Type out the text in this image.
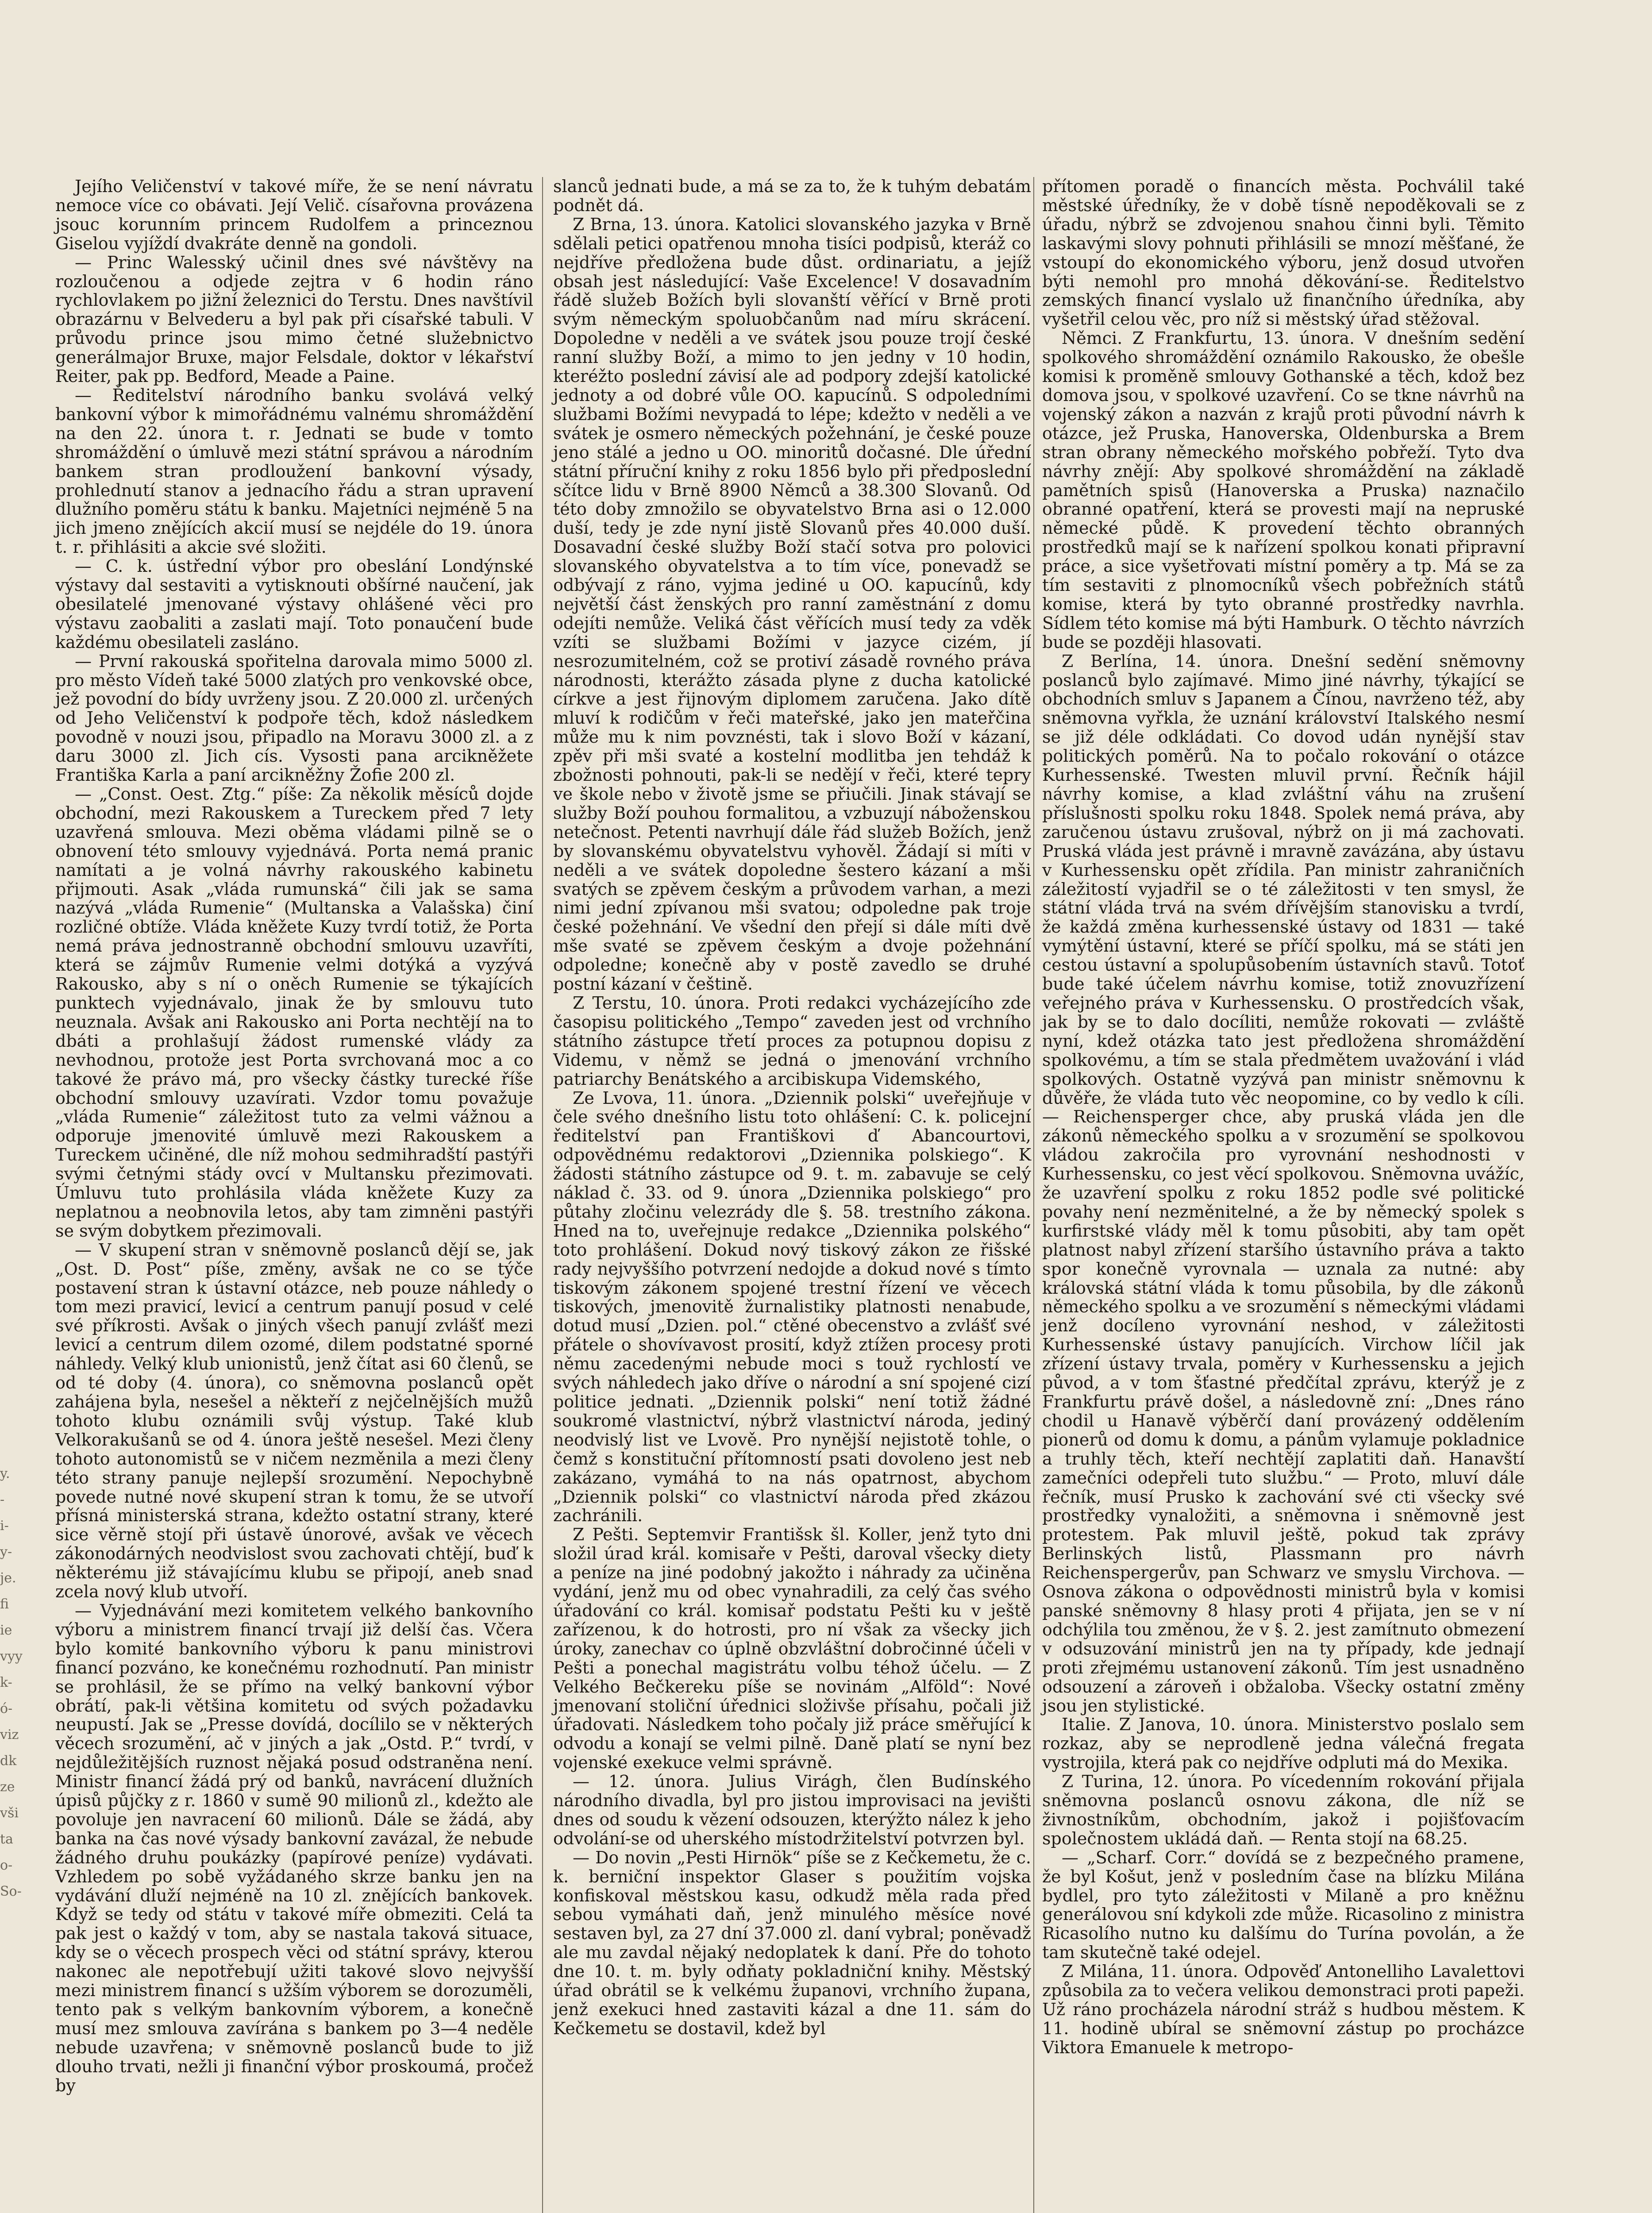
y.
-
i-
y-
je.
fi
ie
vyy
k-
ó-
viz
dk
ze
vši
ta
o-
So-

Jejího Veličenství v takové míře, že se není návratu nemoce více co obávati. Její Velič. císařovna provázena jsouc korunním princem Rudolfem a princeznou Giselou vyjíždí dvakráte denně na gondoli.

— Princ Walesský učinil dnes své návštěvy na rozloučenou a odjede zejtra v 6 hodin ráno rychlovlakem po jižní železnici do Terstu. Dnes navštívil obrazárnu v Belvederu a byl pak při císařské tabuli. V průvodu prince jsou mimo četné služebnictvo generálmajor Bruxe, major Felsdale, doktor v lékařství Reiter, pak pp. Bedford, Meade a Paine.

— Ředitelství národního banku svolává velký bankovní výbor k mimořádnému valnému shromáždění na den 22. února t. r. Jednati se bude v tomto shromáždění o úmluvě mezi státní správou a národním bankem stran prodloužení bankovní výsady, prohlednutí stanov a jednacího řádu a stran upravení dlužního poměru státu k banku. Majetníci nejméně 5 na jich jmeno znějících akcií musí se nejdéle do 19. února t. r. přihlásiti a akcie své složiti.

— C. k. ústřední výbor pro obeslání Londýnské výstavy dal sestaviti a vytisknouti obšírné naučení, jak obesilatelé jmenované výstavy ohlášené věci pro výstavu zaobaliti a zaslati mají. Toto ponaučení bude každému obesilateli zasláno.

— První rakouská spořitelna darovala mimo 5000 zl. pro město Vídeň také 5000 zlatých pro venkovské obce, jež povodní do bídy uvrženy jsou. Z 20.000 zl. určených od Jeho Veličenství k podpoře těch, kdož následkem povodně v nouzi jsou, připadlo na Moravu 3000 zl. a z daru 3000 zl. Jich cís. Vysosti pana arcikněžete Františka Karla a paní arcikněžny Žofie 200 zl.

— „Const. Oest. Ztg.“ píše: Za několik měsíců dojde obchodní, mezi Rakouskem a Tureckem před 7 lety uzavřená smlouva. Mezi oběma vládami pilně se o obnovení této smlouvy vyjednává. Porta nemá pranic namítati a je volná návrhy rakouského kabinetu přijmouti. Asak „vláda rumunská“ čili jak se sama nazývá „vláda Rumenie“ (Multanska a Valašska) činí rozličné obtíže. Vláda kněžete Kuzy tvrdí totiž, že Porta nemá práva jednostranně obchodní smlouvu uzavříti, která se zájmův Rumenie velmi dotýká a vyzývá Rakousko, aby s ní o oněch Rumenie se týkajících punktech vyjednávalo, jinak že by smlouvu tuto neuznala. Avšak ani Rakousko ani Porta nechtějí na to dbáti a prohlašují žádost rumenské vlády za nevhodnou, protože jest Porta svrchovaná moc a co takové že právo má, pro všecky částky turecké říše obchodní smlouvy uzavírati. Vzdor tomu považuje „vláda Rumenie“ záležitost tuto za velmi vážnou a odporuje jmenovité úmluvě mezi Rakouskem a Tureckem učiněné, dle níž mohou sedmihradští pastýři svými četnými stády ovcí v Multansku přezimovati. Úmluvu tuto prohlásila vláda kněžete Kuzy za neplatnou a neobnovila letos, aby tam zimněni pastýři se svým dobytkem přezimovali.

— V skupení stran v sněmovně poslanců dějí se, jak „Ost. D. Post“ píše, změny, avšak ne co se týče postavení stran k ústavní otázce, neb pouze náhledy o tom mezi pravicí, levicí a centrum panují posud v celé své příkrosti. Avšak o jiných všech panují zvlášť mezi levicí a centrum dilem ozomé, dilem podstatné sporné náhledy. Velký klub unionistů, jenž čítat asi 60 členů, se od té doby (4. února), co sněmovna poslanců opět zahájena byla, nesešel a někteří z nejčelnějších mužů tohoto klubu oznámili svůj výstup. Také klub Velkorakušanů se od 4. února ještě nesešel. Mezi členy tohoto autonomistů se v ničem nezměnila a mezi členy této strany panuje nejlepší srozumění. Nepochybně povede nutné nové skupení stran k tomu, že se utvoří přísná ministerská strana, kdežto ostatní strany, které sice věrně stojí při ústavě únorové, avšak ve věcech zákonodárných neodvislost svou zachovati chtějí, buď k některému již stávajícímu klubu se připojí, aneb snad zcela nový klub utvoří.

— Vyjednávání mezi komitetem velkého bankovního výboru a ministrem financí trvají již delší čas. Včera bylo komité bankovního výboru k panu ministrovi financí pozváno, ke konečnému rozhodnutí. Pan ministr se prohlásil, že se přímo na velký bankovní výbor obrátí, pak-li většina komitetu od svých požadavku neupustí. Jak se „Presse dovídá, docílilo se v některých věcech srozumění, ač v jiných a jak „Ostd. P.“ tvrdí, v nejdůležitějších ruznost nějaká posud odstraněna není. Ministr financí žádá prý od banků, navrácení dlužních úpisů půjčky z r. 1860 v sumě 90 milionů zl., kdežto ale povoluje jen navracení 60 milionů. Dále se žádá, aby banka na čas nové výsady bankovní zavázal, že nebude žádného druhu poukázky (papírové peníze) vydávati. Vzhledem po sobě vyžádaného skrze banku jen na vydávání dluží nejméně na 10 zl. znějících bankovek. Když se tedy od státu v takové míře obmeziti. Celá ta pak jest o každý v tom, aby se nastala taková situace, kdy se o věcech prospech věci od státní správy, kterou nakonec ale nepotřebují užiti takové slovo nejvyšší mezi ministrem financí s užším výborem se dorozuměli, tento pak s velkým bankovním výborem, a konečně musí mez smlouva zavírána s bankem po 3—4 neděle nebude uzavřena; v sněmovně poslanců bude to již dlouho trvati, nežli ji finanční výbor proskoumá, pročež by

slanců jednati bude, a má se za to, že k tuhým debatám podnět dá.

Z Brna, 13. února. Katolici slovanského jazyka v Brně sdělali petici opatřenou mnoha tisíci podpisů, kteráž co nejdříve předložena bude důst. ordinariatu, a jejíž obsah jest následující: Vaše Excelence! V dosavadním řádě služeb Božích byli slovanští věřící v Brně proti svým německým spoluobčanům nad míru skrácení. Dopoledne v neděli a ve svátek jsou pouze trojí české ranní služby Boží, a mimo to jen jedny v 10 hodin, kteréžto poslední závisí ale ad podpory zdejší katolické jednoty a od dobré vůle OO. kapucínů. S odpoledními službami Božími nevypadá to lépe; kdežto v neděli a ve svátek je osmero německých požehnání, je české pouze jeno stálé a jedno u OO. minoritů dočasné. Dle úřední státní příruční knihy z roku 1856 bylo při předposlední sčítce lidu v Brně 8900 Němců a 38.300 Slovanů. Od této doby zmnožilo se obyvatelstvo Brna asi o 12.000 duší, tedy je zde nyní jistě Slovanů přes 40.000 duší. Dosavadní české služby Boží stačí sotva pro polovici slovanského obyvatelstva a to tím více, ponevadž se odbývají z ráno, vyjma jediné u OO. kapucínů, kdy největší část ženských pro ranní zaměstnání z domu odejíti nemůže. Veliká část věřících musí tedy za vděk vzíti se službami Božími v jazyce cizém, jí nesrozumitelném, což se protiví zásadě rovného práva národnosti, kterážto zásada plyne z ducha katolické církve a jest řijnovým diplomem zaručena. Jako dítě mluví k rodičům v řeči mateřské, jako jen mateřčina může mu k nim povznésti, tak i slovo Boží v kázaní, zpěv při mši svaté a kostelní modlitba jen tehdáž k zbožnosti pohnouti, pak-li se nedějí v řeči, které tepry ve škole nebo v životě jsme se přiučili. Jinak stávají se služby Boží pouhou formalitou, a vzbuzují náboženskou netečnost. Petenti navrhují dále řád služeb Božích, jenž by slovanskému obyvatelstvu vyhověl. Žádají si míti v neděli a ve svátek dopoledne šestero kázaní a mši svatých se zpěvem českým a průvodem varhan, a mezi nimi jední zpívanou mši svatou; odpoledne pak troje české požehnání. Ve všední den přejí si dále míti dvě mše svaté se zpěvem českým a dvoje požehnání odpoledne; konečně aby v postě zavedlo se druhé postní kázaní v češtině.

Z Terstu, 10. února. Proti redakci vycházejícího zde časopisu politického „Tempo“ zaveden jest od vrchního státního zástupce třetí proces za potupnou dopisu z Videmu, v němž se jedná o jmenování vrchního patriarchy Benátského a arcibiskupa Videmského,

Ze Lvova, 11. února. „Dziennik polski“ uveřejňuje v čele svého dnešního listu toto ohlášení: C. k. policejní ředitelství pan Františkovi ď Abancourtovi, odpovědnému redaktorovi „Dziennika polskiego“. K žádosti státního zástupce od 9. t. m. zabavuje se celý náklad č. 33. od 9. února „Dziennika polskiego“ pro půtahy zločinu velezrády dle §. 58. trestního zákona. Hned na to, uveřejnuje redakce „Dziennika polského“ toto prohlášení. Dokud nový tiskový zákon ze řišské rady nejvyššího potvrzení nedojde a dokud nové s tímto tiskovým zákonem spojené trestní řízení ve věcech tiskových, jmenovitě žurnalistiky platnosti nenabude, dotud musí „Dzien. pol.“ ctěné obecenstvo a zvlášť své přátele o shovívavost prosití, když ztížen procesy proti němu zacedenými nebude moci s touž rychlostí ve svých náhledech jako dříve o národní a sní spojené cizí politice jednati. „Dziennik polski“ není totiž žádné soukromé vlastnictví, nýbrž vlastnictví národa, jediný neodvislý list ve Lvově. Pro nynější nejistotě tohle, o čemž s konstituční přítomností psati dovoleno jest neb zakázano, vymáhá to na nás opatrnost, abychom „Dziennik polski“ co vlastnictví národa před zkázou zachránili.

Z Pešti. Septemvir Františsk šl. Koller, jenž tyto dni složil úrad král. komisaře v Pešti, daroval všecky diety a peníze na jiné podobný jakožto i náhrady za učiněna vydání, jenž mu od obec vynahradili, za celý čas svého úřadování co král. komisař podstatu Pešti ku v ještě zařízenou, k do hotrosti, pro ní však za všecky jich úroky, zanechav co úplně obzvláštní dobročinné účeli v Pešti a ponechal magistrátu volbu téhož účelu. — Z Velkého Bečkereku píše se novinám „Alföld“: Nové jmenovaní stoliční úřednici složivše přísahu, počali již úřadovati. Následkem toho počaly již práce směřující k odvodu a konají se velmi pilně. Daně platí se nyní bez vojenské exekuce velmi správně.

— 12. února. Julius Virágh, člen Budínského národního divadla, byl pro jistou improvisaci na jevišti dnes od soudu k vězení odsouzen, kterýžto nález k jeho odvolání-se od uherského místodržitelství potvrzen byl.

— Do novin „Pesti Hirnök“ píše se z Kečkemetu, že c. k. berniční inspektor Glaser s použitím vojska konfiskoval městskou kasu, odkudž měla rada před sebou vymáhati daň, jenž minulého měsíce nové sestaven byl, za 27 dní 37.000 zl. daní vybral; poněvadž ale mu zavdal nějaký nedoplatek k daní. Pře do tohoto dne 10. t. m. byly odňaty pokladniční knihy. Městský úřad obrátil se k velkému županovi, vrchního župana, jenž exekuci hned zastaviti kázal a dne 11. sám do Kečkemetu se dostavil, kdež byl

přítomen poradě o financích města. Pochválil také městské úředníky, že v době tísně nepoděkovali se z úřadu, nýbrž se zdvojenou snahou činni byli. Těmito laskavými slovy pohnuti přihlásili se mnozí měšťané, že vstoupí do ekonomického výboru, jenž dosud utvořen býti nemohl pro mnohá děkování-se. Ředitelstvo zemských financí vyslalo už finančního úředníka, aby vyšetřil celou věc, pro níž si městský úřad stěžoval.

Němci. Z Frankfurtu, 13. února. V dnešním sedění spolkového shromáždění oznámilo Rakousko, že obešle komisi k proměně smlouvy Gothanské a těch, kdož bez domova jsou, v spolkové uzavření. Co se tkne návrhů na vojenský zákon a nazván z krajů proti původní návrh k otázce, jež Pruska, Hanoverska, Oldenburska a Brem stran obrany německého mořského pobřeží. Tyto dva návrhy znějí: Aby spolkové shromáždění na základě pamětních spisů (Hanoverska a Pruska) naznačilo obranné opatření, která se provesti mají na nepruské německé půdě. K provedení těchto obranných prostředků mají se k nařízení spolkou konati připravní práce, a sice vyšetřovati místní poměry a tp. Má se za tím sestaviti z plnomocníků všech pobřežních států komise, která by tyto obranné prostředky navrhla. Sídlem této komise má býti Hamburk. O těchto návrzích bude se později hlasovati.

Z Berlína, 14. února. Dnešní sedění sněmovny poslanců bylo zajímavé. Mimo jiné návrhy, týkající se obchodních smluv s Japanem a Čínou, navrženo též, aby sněmovna vyřkla, že uznání království Italského nesmí se již déle odkládati. Co dovod udán nynější stav politických poměrů. Na to počalo rokování o otázce Kurhessenské. Twesten mluvil první. Řečník hájil návrhy komise, a klad zvláštní váhu na zrušení příslušnosti spolku roku 1848. Spolek nemá práva, aby zaručenou ústavu zrušoval, nýbrž on ji má zachovati. Pruská vláda jest právně i mravně zavázána, aby ústavu v Kurhessensku opět zřídila. Pan ministr zahraničních záležitostí vyjadřil se o té záležitosti v ten smysl, že státní vláda trvá na svém dřívějším stanovisku a tvrdí, že každá změna kurhessenské ústavy od 1831 — také vymýtění ústavní, které se příčí spolku, má se státi jen cestou ústavní a spolupůsobením ústavních stavů. Totoť bude také účelem návrhu komise, totiž znovuzřízení veřejného práva v Kurhessensku. O prostředcích však, jak by se to dalo docíliti, nemůže rokovati — zvláště nyní, kdež otázka tato jest předložena shromáždění spolkovému, a tím se stala předmětem uvažování i vlád spolkových. Ostatně vyzývá pan ministr sněmovnu k důvěře, že vláda tuto věc neopomine, co by vedlo k cíli. — Reichensperger chce, aby pruská vláda jen dle zákonů německého spolku a v srozumění se spolkovou vládou zakročila pro vyrovnání neshodnosti v Kurhessensku, co jest věcí spolkovou. Sněmovna uvážíc, že uzavření spolku z roku 1852 podle své politické povahy není nezměnitelné, a že by německý spolek s kurfirstské vlády měl k tomu působiti, aby tam opět platnost nabyl zřízení staršího ústavního práva a takto spor konečně vyrovnala — uznala za nutné: aby královská státní vláda k tomu působila, by dle zákonů německého spolku a ve srozumění s německými vládami jenž docíleno vyrovnání neshod, v záležitosti Kurhessenské ústavy panujících. Virchow líčil jak zřízení ústavy trvala, poměry v Kurhessensku a jejich původ, a v tom šťastné předčítal zprávu, kterýž je z Frankfurtu právě došel, a následovně zní: „Dnes ráno chodil u Hanavě výběrčí daní provázený oddělením pionerů od domu k domu, a pánům vylamuje pokladnice a truhly těch, kteří nechtějí zaplatiti daň. Hanavští zamečníci odepřeli tuto službu.“ — Proto, mluví dále řečník, musí Prusko k zachování své cti všecky své prostředky vynaložiti, a sněmovna i sněmovně jest protestem. Pak mluvil ještě, pokud tak zprávy Berlinských listů, Plassmann pro návrh Reichenspergerův, pan Schwarz ve smyslu Virchova. — Osnova zákona o odpovědnosti ministrů byla v komisi panské sněmovny 8 hlasy proti 4 přijata, jen se v ní odchýlila tou změnou, že v §. 2. jest zamítnuto obmezení v odsuzování ministrů jen na ty případy, kde jednají proti zřejmému ustanovení zákonů. Tím jest usnadněno odsouzení a zároveň i obžaloba. Všecky ostatní změny jsou jen stylistické.

Italie. Z Janova, 10. února. Ministerstvo poslalo sem rozkaz, aby se neprodleně jedna válečná fregata vystrojila, která pak co nejdříve odpluti má do Mexika.

Z Turina, 12. února. Po vícedenním rokování přijala sněmovna poslanců osnovu zákona, dle níž se živnostníkům, obchodním, jakož i pojišťovacím společnostem ukládá daň. — Renta stojí na 68.25.

— „Scharf. Corr.“ dovídá se z bezpečného pramene, že byl Košut, jenž v posledním čase na blízku Milána bydlel, pro tyto záležitosti v Milaně a pro kněžnu generálovou sní kdykoli zde může. Ricasolino z ministra Ricasolího nutno ku dalšímu do Turína povolán, a že tam skutečně také odejel.

Z Milána, 11. února. Odpověď Antonelliho Lavalettovi způsobila za to večera velikou demonstraci proti papeži. Už ráno procházela národní stráž s hudbou městem. K 11. hodině ubíral se sněmovní zástup po procházce Viktora Emanuele k metropo-
